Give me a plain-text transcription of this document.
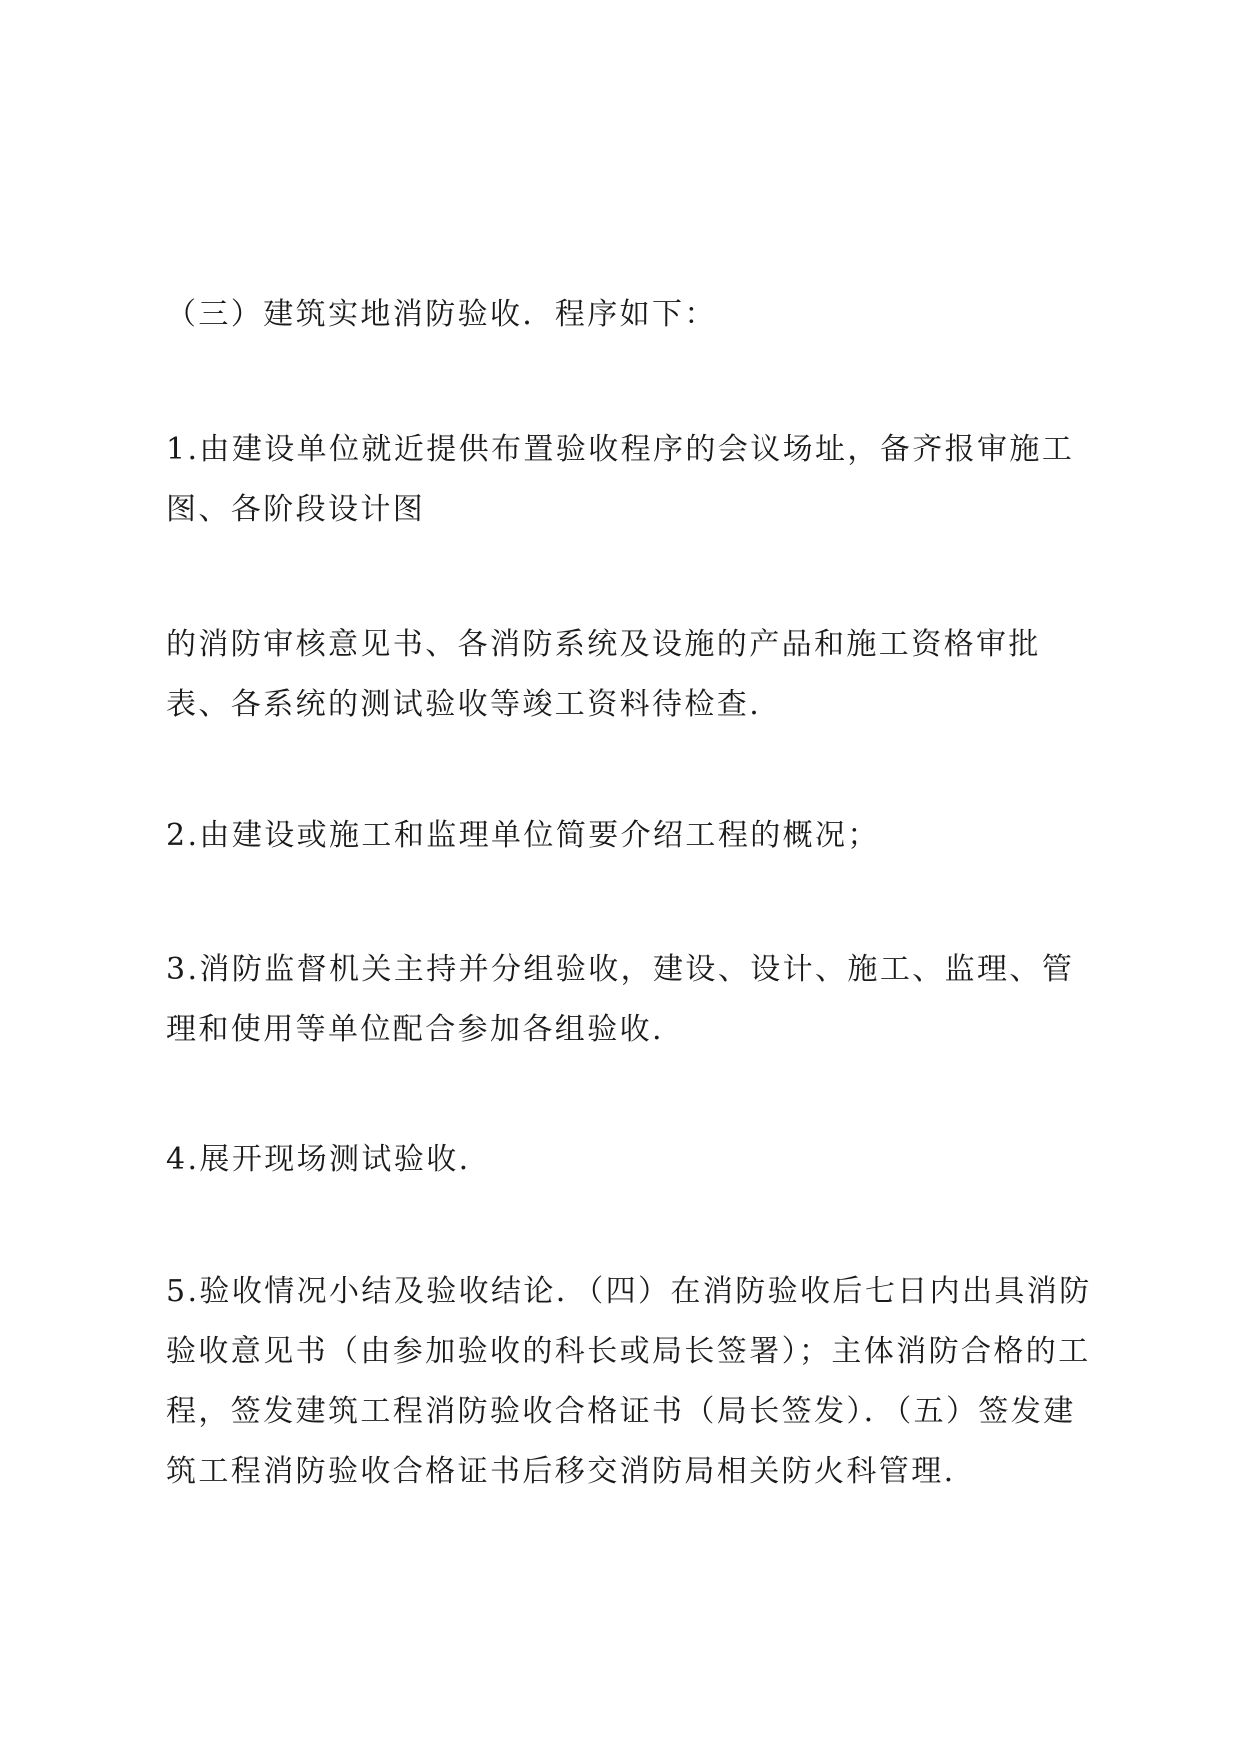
（三）建筑实地消防验收．程序如下：

1.由建设单位就近提供布置验收程序的会议场址，备齐报审施工图、各阶段设计图

的消防审核意见书、各消防系统及设施的产品和施工资格审批表、各系统的测试验收等竣工资料待检查.

2.由建设或施工和监理单位简要介绍工程的概况；

3.消防监督机关主持并分组验收，建设、设计、施工、监理、管理和使用等单位配合参加各组验收.

4.展开现场测试验收.

5.验收情况小结及验收结论．（四）在消防验收后七日内出具消防验收意见书（由参加验收的科长或局长签署）；主体消防合格的工程，签发建筑工程消防验收合格证书（局长签发）．（五）签发建筑工程消防验收合格证书后移交消防局相关防火科管理.
